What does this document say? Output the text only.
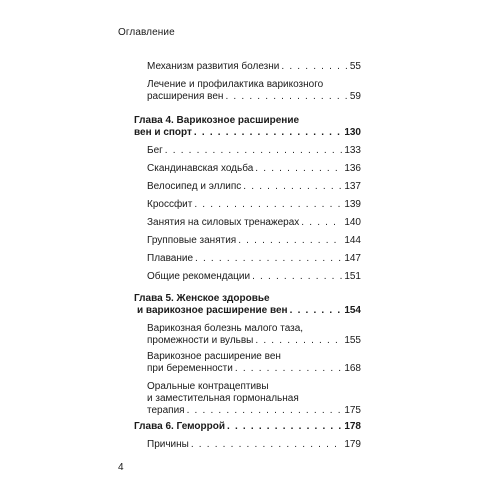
Оглавление
Механизм развития болезни . . .	55
Лечение и профилактика варикозного
расширения вен . . .	59
Глава 4. Варикозное расширение
вен и спорт . . .	130
Бег . . .	133
Скандинавская ходьба . . .	136
Велосипед и эллипс . . .	137
Кроссфит . . .	139
Занятия на силовых тренажерах . . .	140
Групповые занятия . . .	144
Плавание . . .	147
Общие рекомендации . . .	151
Глава 5. Женское здоровье
и варикозное расширение вен . . .	154
Варикозная болезнь малого таза,
промежности и вульвы . . .	155
Варикозное расширение вен
при беременности . . .	168
Оральные контрацептивы
и заместительная гормональная
терапия . . .	175
Глава 6. Геморрой . . .	178
Причины . . .	179
4
